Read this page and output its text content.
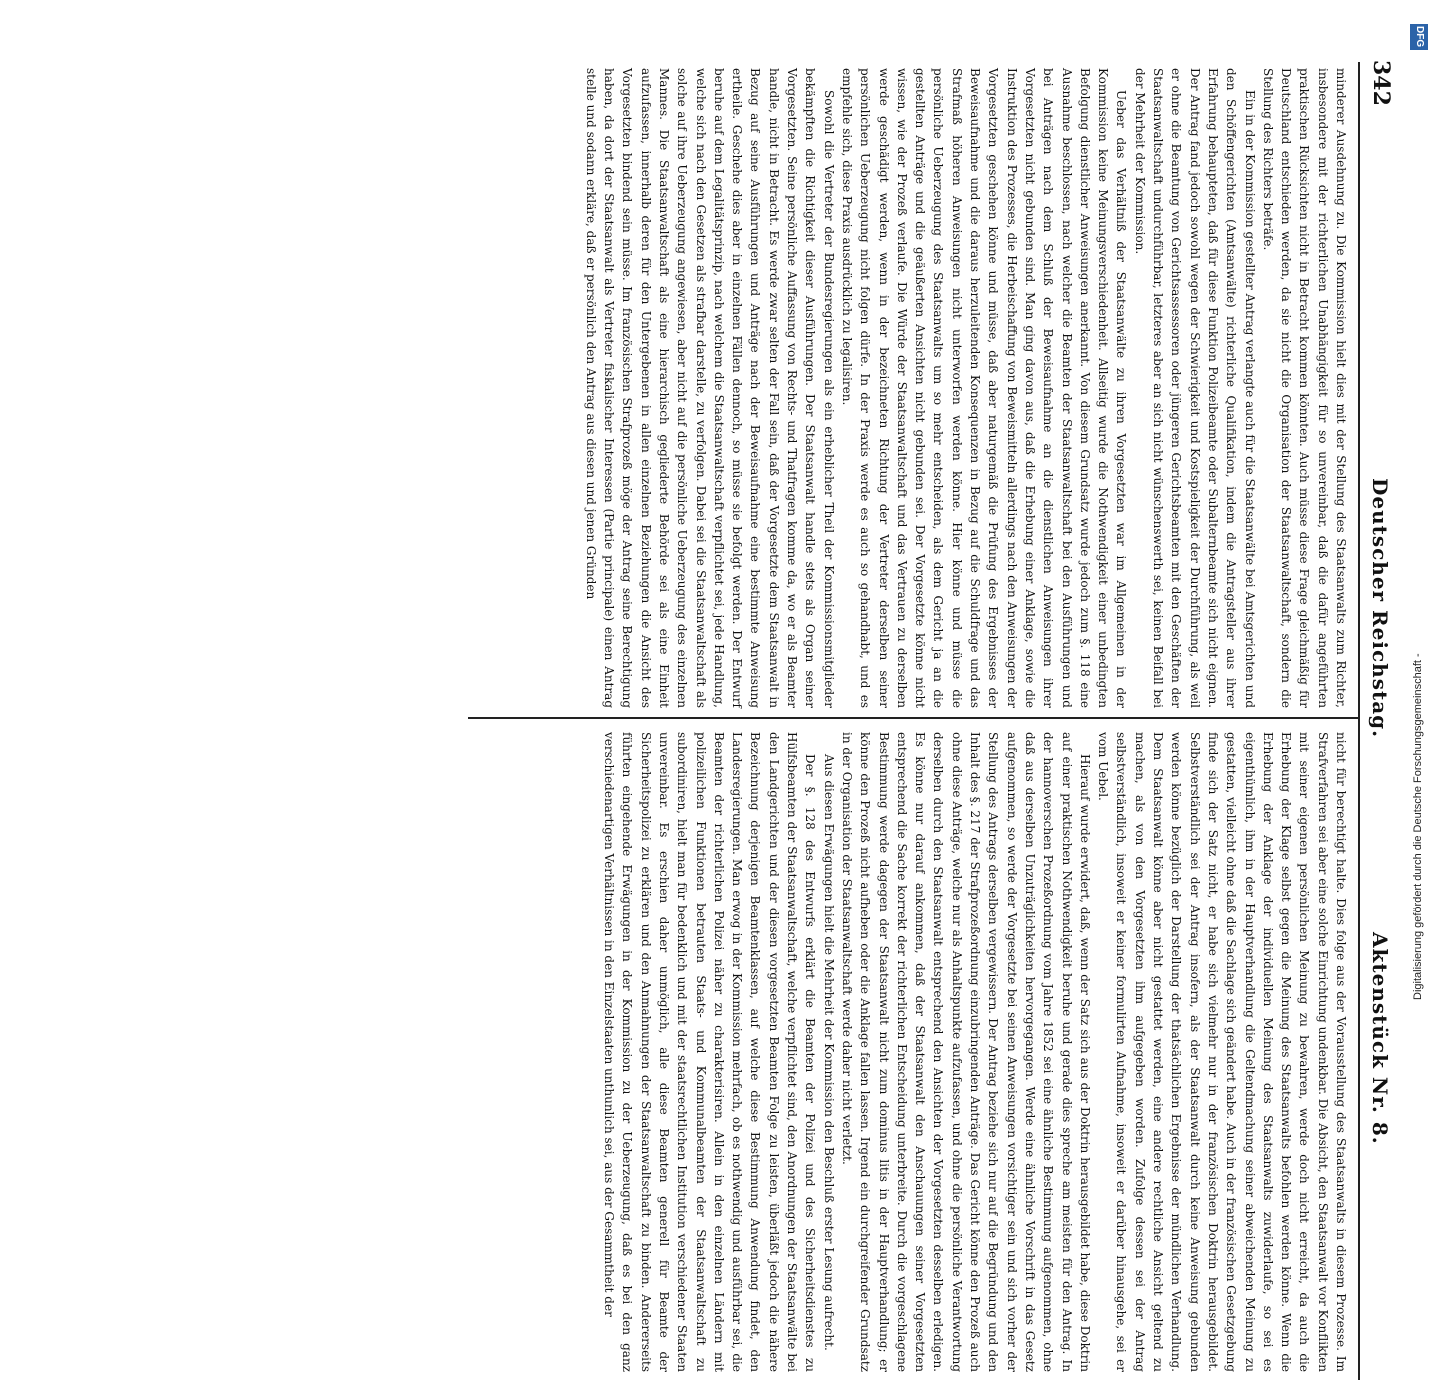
342
Deutscher Reichstag.
Aktenstück Nr. 8.

minderer Ausdehnung zu. Die Kommission hielt dies mit der Stellung des Staatsanwalts zum Richter, insbesondere mit der richterlichen Unabhängigkeit für so unvereinbar, daß die dafür angeführten praktischen Rücksichten nicht in Betracht kommen könnten. Auch müsse diese Frage gleichmäßig für Deutschland entschieden werden, da sie nicht die Organisation der Staatsanwaltschaft, sondern die Stellung des Richters beträfe.

Ein in der Kommission gestellter Antrag verlangte auch für die Staatsanwälte bei Amtsgerichten und den Schöffengerichten (Amtsanwälte) richterliche Qualifikation, indem die Antragsteller aus ihrer Erfahrung behaupteten, daß für diese Funktion Polizeibeamte oder Subalternbeamte sich nicht eignen. Der Antrag fand jedoch sowohl wegen der Schwierigkeit und Kostspieligkeit der Durchführung, als weil er ohne die Beamtung von Gerichtsassessoren oder jüngeren Gerichtsbeamten mit den Geschäften der Staatsanwaltschaft undurchführbar, letzteres aber an sich nicht wünschenswerth sei, keinen Beifall bei der Mehrheit der Kommission.

Ueber das Verhältniß der Staatsanwälte zu ihren Vorgesetzten war im Allgemeinen in der Kommission keine Meinungsverschiedenheit. Allseitig wurde die Nothwendigkeit einer unbedingten Befolgung dienstlicher Anweisungen anerkannt. Von diesem Grundsatz wurde jedoch zum §. 118 eine Ausnahme beschlossen, nach welcher die Beamten der Staatsanwaltschaft bei den Ausführungen und bei Anträgen nach dem Schluß der Beweisaufnahme an die dienstlichen Anweisungen ihrer Vorgesetzten nicht gebunden sind. Man ging davon aus, daß die Erhebung einer Anklage, sowie die Instruktion des Prozesses, die Herbeischaffung von Beweismitteln allerdings nach den Anweisungen der Vorgesetzten geschehen könne und müsse, daß aber naturgemäß die Prüfung des Ergebnisses der Beweisaufnahme und die daraus herzuleitenden Konsequenzen in Bezug auf die Schuldfrage und das Strafmaß höheren Anweisungen nicht unterworfen werden könne. Hier könne und müsse die persönliche Ueberzeugung des Staatsanwalts um so mehr entscheiden, als dem Gericht ja an die gestellten Anträge und die geäußerten Ansichten nicht gebunden sei. Der Vorgesetzte könne nicht wissen, wie der Prozeß verlaufe. Die Würde der Staatsanwaltschaft und das Vertrauen zu derselben werde geschädigt werden, wenn in der bezeichneten Richtung der Vertreter derselben seiner persönlichen Ueberzeugung nicht folgen dürfe. In der Praxis werde es auch so gehandhabt, und es empfehle sich, diese Praxis ausdrücklich zu legalisiren.

Sowohl die Vertreter der Bundesregierungen als ein erheblicher Theil der Kommissionsmitglieder bekämpften die Richtigkeit dieser Ausführungen. Der Staatsanwalt handle stets als Organ seiner Vorgesetzten. Seine persönliche Auffassung von Rechts- und Thatfragen komme da, wo er als Beamter handle, nicht in Betracht. Es werde zwar selten der Fall sein, daß der Vorgesetzte dem Staatsanwalt in Bezug auf seine Ausführungen und Anträge nach der Beweisaufnahme eine bestimmte Anweisung ertheile. Geschehe dies aber in einzelnen Fällen dennoch, so müsse sie befolgt werden. Der Entwurf beruhe auf dem Legalitätsprinzip, nach welchem die Staatsanwaltschaft verpflichtet sei, jede Handlung, welche sich nach den Gesetzen als strafbar darstelle, zu verfolgen. Dabei sei die Staatsanwaltschaft als solche auf ihre Ueberzeugung angewiesen, aber nicht auf die persönliche Ueberzeugung des einzelnen Mannes. Die Staatsanwaltschaft als eine hierarchisch gegliederte Behörde sei als eine Einheit aufzufassen, innerhalb deren für den Untergebenen in allen einzelnen Beziehungen die Ansicht des Vorgesetzten bindend sein müsse. Im französischen Strafprozeß möge der Antrag seine Berechtigung haben, da dort der Staatsanwalt als Vertreter fiskalischer Interessen (Partie principale) einen Antrag stelle und sodann erkläre, daß er persönlich den Antrag aus diesen und jenen Gründen

nicht für berechtigt halte. Dies folge aus der Vorausstellung des Staatsanwalts in diesem Prozesse. Im Strafverfahren sei aber eine solche Einrichtung undenkbar. Die Absicht, den Staatsanwalt vor Konflikten mit seiner eigenen persönlichen Meinung zu bewahren, werde doch nicht erreicht, da auch die Erhebung der Klage selbst gegen die Meinung des Staatsanwalts befohlen werden könne. Wenn die Erhebung der Anklage der individuellen Meinung des Staatsanwalts zuwiderlaufe, so sei es eigenthümlich, ihm in der Hauptverhandlung die Geltendmachung seiner abweichenden Meinung zu gestatten, vielleicht ohne daß die Sachlage sich geändert habe. Auch in der französischen Gesetzgebung finde sich der Satz nicht, er habe sich vielmehr nur in der französischen Doktrin herausgebildet. Selbstverständlich sei der Antrag insofern, als der Staatsanwalt durch keine Anweisung gebunden werden könne bezüglich der Darstellung der thatsächlichen Ergebnisse der mündlichen Verhandlung. Dem Staatsanwalt könne aber nicht gestattet werden, eine andere rechtliche Ansicht geltend zu machen, als von den Vorgesetzten ihm aufgegeben worden. Zufolge dessen sei der Antrag selbstverständlich, insoweit er keiner formulirten Aufnahme, insoweit er darüber hinausgehe, sei er vom Uebel.

Hierauf wurde erwidert, daß, wenn der Satz sich aus der Doktrin herausgebildet habe, diese Doktrin auf einer praktischen Nothwendigkeit beruhe und gerade dies spreche am meisten für den Antrag. In der hannoverschen Prozeßordnung vom Jahre 1852 sei eine ähnliche Bestimmung aufgenommen, ohne daß aus derselben Unzuträglichkeiten hervorgegangen. Werde eine ähnliche Vorschrift in das Gesetz aufgenommen, so werde der Vorgesetzte bei seinen Anweisungen vorsichtiger sein und sich vorher der Stellung des Antrags derselben vergewissern. Der Antrag beziehe sich nur auf die Begründung und den Inhalt des §. 217 der Strafprozeßordnung einzubringenden Anträge. Das Gericht könne den Prozeß auch ohne diese Anträge, welche nur als Anhaltspunkte aufzufassen, und ohne die persönliche Verantwortung derselben durch den Staatsanwalt entsprechend den Ansichten der Vorgesetzten desselben erledigen. Es könne nur darauf ankommen, daß der Staatsanwalt den Anschauungen seiner Vorgesetzten entsprechend die Sache korrekt der richterlichen Entscheidung unterbreite. Durch die vorgeschlagene Bestimmung werde dagegen der Staatsanwalt nicht zum dominus litis in der Hauptverhandlung; er könne den Prozeß nicht aufheben oder die Anklage fallen lassen. Irgend ein durchgreifender Grundsatz in der Organisation der Staatsanwaltschaft werde daher nicht verletzt.

Aus diesen Erwägungen hielt die Mehrheit der Kommission den Beschluß erster Lesung aufrecht.

Der §. 128 des Entwurfs erklärt die Beamten der Polizei und des Sicherheitsdienstes zu Hülfsbeamten der Staatsanwaltschaft, welche verpflichtet sind, den Anordnungen der Staatsanwälte bei den Landgerichten und der diesen vorgesetzten Beamten Folge zu leisten, überläßt jedoch die nähere Bezeichnung derjenigen Beamtenklassen, auf welche diese Bestimmung Anwendung findet, den Landesregierungen. Man erwog in der Kommission mehrfach, ob es nothwendig und ausführbar sei, die Beamten der richterlichen Polizei näher zu charakterisiren. Allein in den einzelnen Ländern mit polizeilichen Funktionen betrauten Staats- und Kommunalbeamten der Staatsanwaltschaft zu subordiniren, hielt man für bedenklich und mit der staatsrechtlichen Institution verschiedener Staaten unvereinbar. Es erschien daher unmöglich, alle diese Beamten generell für Beamte der Sicherheitspolizei zu erklären und den Anmahnungen der Staatsanwaltschaft zu binden. Andererseits führten eingehende Erwägungen in der Kommission zu der Ueberzeugung, daß es bei den ganz verschiedenartigen Verhältnissen in den Einzelstaaten unthunlich sei, aus der Gesammtheit der	Digitalisierung gefördert durch die Deutsche Forschungsgemeinschaft -
DFG
